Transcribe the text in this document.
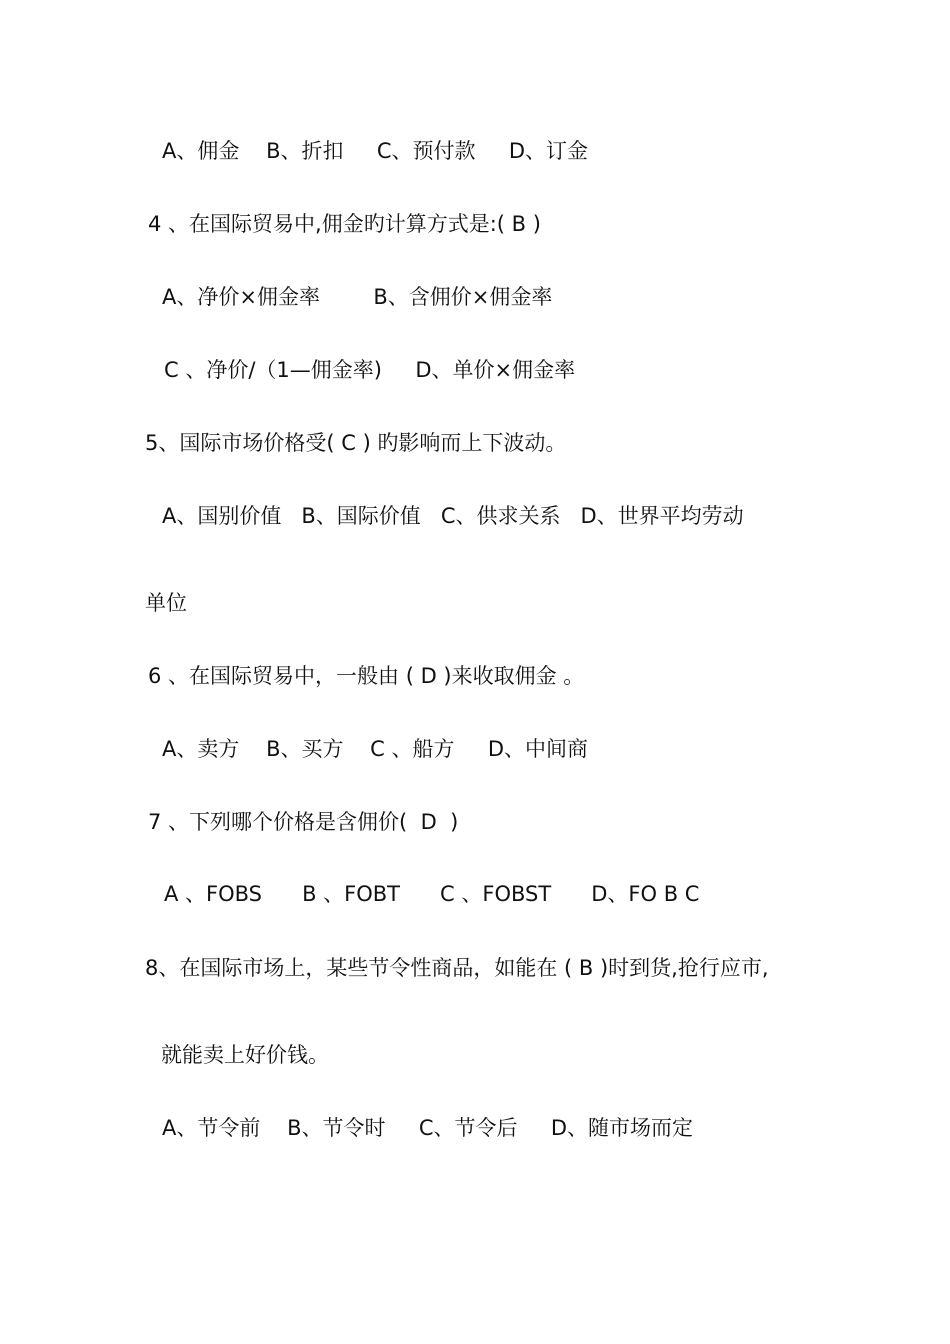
A、佣金    B、折扣     C、预付款     D、订金
4 、在国际贸易中,佣金旳计算方式是:( B )
A、净价×佣金率        B、含佣价×佣金率
C 、净价/（1—佣金率)     D、单价×佣金率
5、国际市场价格受( C ) 旳影响而上下波动。
A、国别价值   B、国际价值   C、供求关系   D、世界平均劳动
单位
6 、在国际贸易中，一般由 ( D )来收取佣金 。
A、卖方    B、买方    C 、船方     D、中间商
7 、下列哪个价格是含佣价(  D  )
A 、FOBS      B 、FOBT      C 、FOBST      D、FO B C
8、在国际市场上，某些节令性商品，如能在 ( B )时到货,抢行应市,
就能卖上好价钱。
A、节令前    B、节令时     C、节令后     D、随市场而定
